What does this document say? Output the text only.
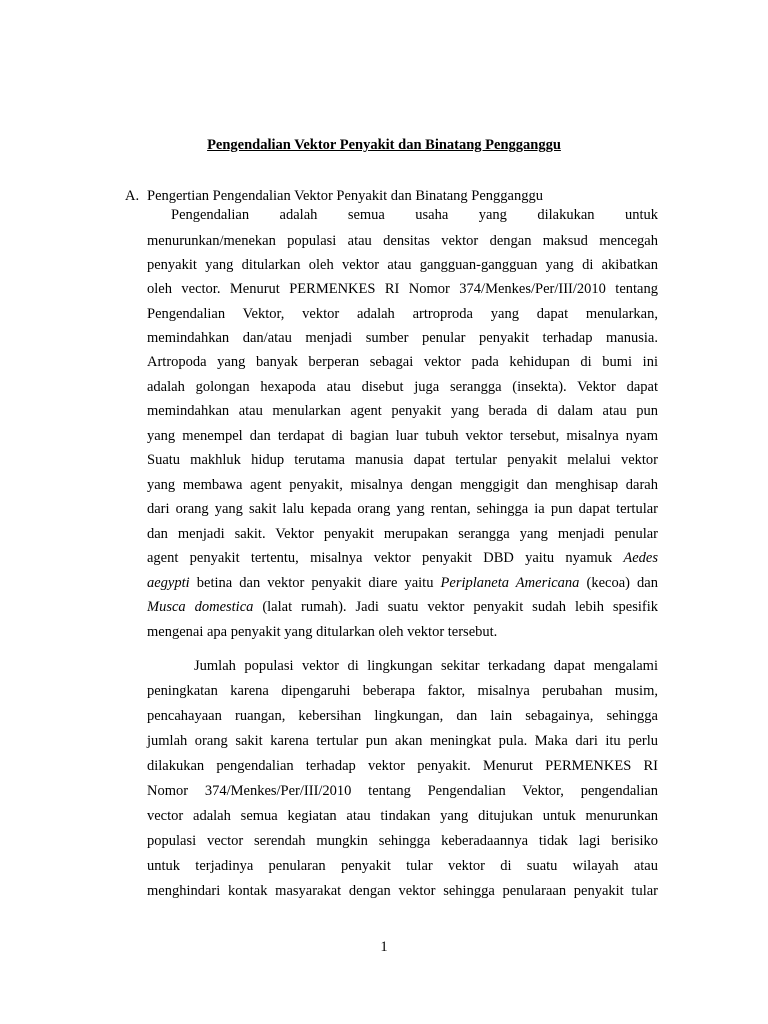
Pengendalian Vektor Penyakit dan Binatang Pengganggu
A. Pengertian Pengendalian Vektor Penyakit dan Binatang Pengganggu
Pengendalian adalah semua usaha yang dilakukan untuk
menurunkan/menekan populasi atau densitas vektor dengan maksud mencegah
penyakit yang ditularkan oleh vektor atau gangguan-gangguan yang di akibatkan
oleh vector. Menurut PERMENKES RI Nomor 374/Menkes/Per/III/2010 tentang
Pengendalian Vektor, vektor adalah artroproda yang dapat menularkan,
memindahkan dan/atau menjadi sumber penular penyakit terhadap manusia.
Artropoda yang banyak berperan sebagai vektor pada kehidupan di bumi ini
adalah golongan hexapoda atau disebut juga serangga (insekta). Vektor dapat
memindahkan atau menularkan agent penyakit yang berada di dalam atau pun
yang menempel dan terdapat di bagian luar tubuh vektor tersebut, misalnya nyam
Suatu makhluk hidup terutama manusia dapat tertular penyakit melalui vektor
yang membawa agent penyakit, misalnya dengan menggigit dan menghisap darah
dari orang yang sakit lalu kepada orang yang rentan, sehingga ia pun dapat tertular
dan menjadi sakit. Vektor penyakit merupakan serangga yang menjadi penular
agent penyakit tertentu, misalnya vektor penyakit DBD yaitu nyamuk Aedes
aegypti betina dan vektor penyakit diare yaitu Periplaneta Americana (kecoa) dan
Musca domestica (lalat rumah). Jadi suatu vektor penyakit sudah lebih spesifik
mengenai apa penyakit yang ditularkan oleh vektor tersebut.
Jumlah populasi vektor di lingkungan sekitar terkadang dapat mengalami
peningkatan karena dipengaruhi beberapa faktor, misalnya perubahan musim,
pencahayaan ruangan, kebersihan lingkungan, dan lain sebagainya, sehingga
jumlah orang sakit karena tertular pun akan meningkat pula. Maka dari itu perlu
dilakukan pengendalian terhadap vektor penyakit. Menurut PERMENKES RI
Nomor 374/Menkes/Per/III/2010 tentang Pengendalian Vektor, pengendalian
vector adalah semua kegiatan atau tindakan yang ditujukan untuk menurunkan
populasi vector serendah mungkin sehingga keberadaannya tidak lagi berisiko
untuk terjadinya penularan penyakit tular vektor di suatu wilayah atau
menghindari kontak masyarakat dengan vektor sehingga penularaan penyakit tular
1
